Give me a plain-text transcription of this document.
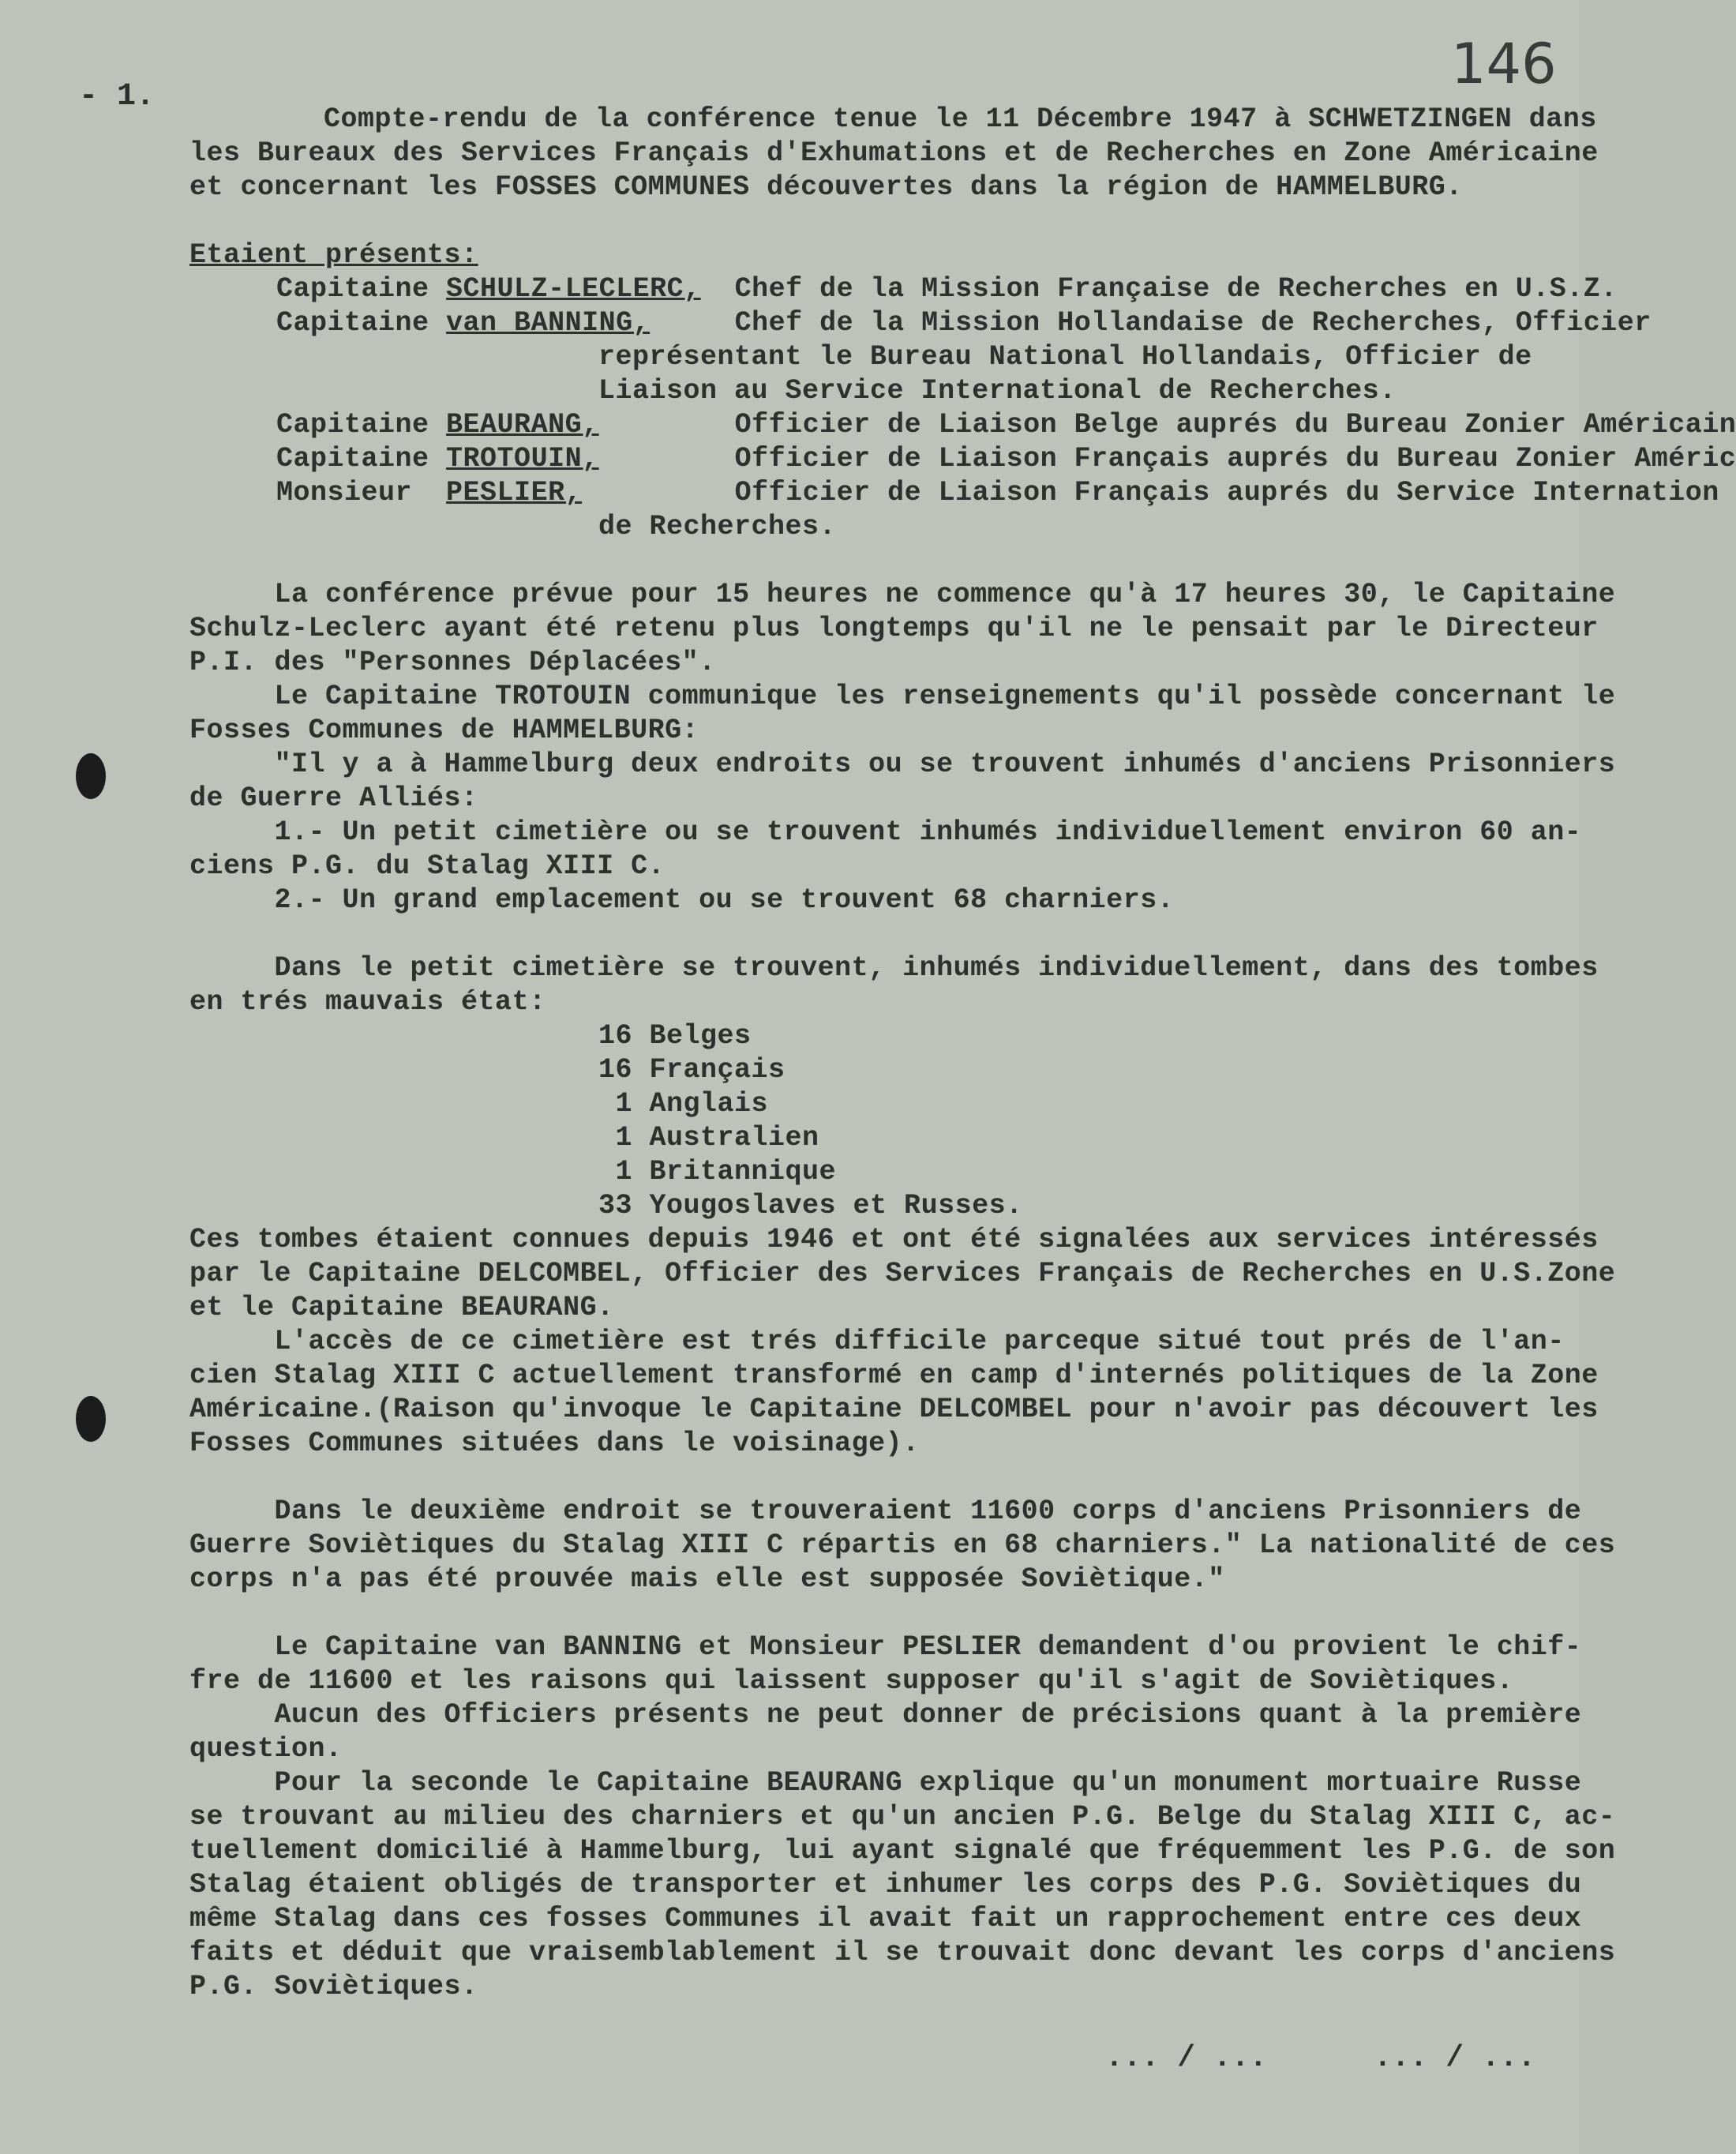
- 1.
146
Compte-rendu de la conférence tenue le 11 Décembre 1947 à SCHWETZINGEN dans
les Bureaux des Services Français d'Exhumations et de Recherches en Zone Américaine
et concernant les FOSSES COMMUNES découvertes dans la région de HAMMELBURG.
Etaient présents:
Capitaine SCHULZ-LECLERC, Chef de la Mission Française de Recherches en U.S.Z.
Capitaine van BANNING,	Chef de la Mission Hollandaise de Recherches, Officier
représentant le Bureau National Hollandais, Officier de
Liaison au Service International de Recherches.
Capitaine BEAURANG,	Officier de Liaison Belge auprés du Bureau Zonier Américain
Capitaine TROTOUIN,	Officier de Liaison Français auprés du Bureau Zonier Améric
Monsieur  PESLIER,	Officier de Liaison Français auprés du Service Internation
de Recherches.
La conférence prévue pour 15 heures ne commence qu'à 17 heures 30, le Capitaine
Schulz-Leclerc ayant été retenu plus longtemps qu'il ne le pensait par le Directeur
P.I. des "Personnes Déplacées".
Le Capitaine TROTOUIN communique les renseignements qu'il possède concernant le
Fosses Communes de HAMMELBURG:
"Il y a à Hammelburg deux endroits ou se trouvent inhumés d'anciens Prisonniers
de Guerre Alliés:
1.- Un petit cimetière ou se trouvent inhumés individuellement environ 60 an-
ciens P.G. du Stalag XIII C.
2.- Un grand emplacement ou se trouvent 68 charniers.
Dans le petit cimetière se trouvent, inhumés individuellement, dans des tombes
en trés mauvais état:
16 Belges
16 Français
1 Anglais
1 Australien
1 Britannique
33 Yougoslaves et Russes.
Ces tombes étaient connues depuis 1946 et ont été signalées aux services intéressés
par le Capitaine DELCOMBEL, Officier des Services Français de Recherches en U.S.Zone
et le Capitaine BEAURANG.
L'accès de ce cimetière est trés difficile parceque situé tout prés de l'an-
cien Stalag XIII C actuellement transformé en camp d'internés politiques de la Zone
Américaine.(Raison qu'invoque le Capitaine DELCOMBEL pour n'avoir pas découvert les
Fosses Communes situées dans le voisinage).
Dans le deuxième endroit se trouveraient 11600 corps d'anciens Prisonniers de
Guerre Soviètiques du Stalag XIII C répartis en 68 charniers." La nationalité de ces
corps n'a pas été prouvée mais elle est supposée Soviètique."
Le Capitaine van BANNING et Monsieur PESLIER demandent d'ou provient le chif-
fre de 11600 et les raisons qui laissent supposer qu'il s'agit de Soviètiques.
Aucun des Officiers présents ne peut donner de précisions quant à la première
question.
Pour la seconde le Capitaine BEAURANG explique qu'un monument mortuaire Russe
se trouvant au milieu des charniers et qu'un ancien P.G. Belge du Stalag XIII C, ac-
tuellement domicilié à Hammelburg, lui ayant signalé que fréquemment les P.G. de son
Stalag étaient obligés de transporter et inhumer les corps des P.G. Soviètiques du
même Stalag dans ces fosses Communes il avait fait un rapprochement entre ces deux
faits et déduit que vraisemblablement il se trouvait donc devant les corps d'anciens
P.G. Soviètiques.
... / ...	... / ...
